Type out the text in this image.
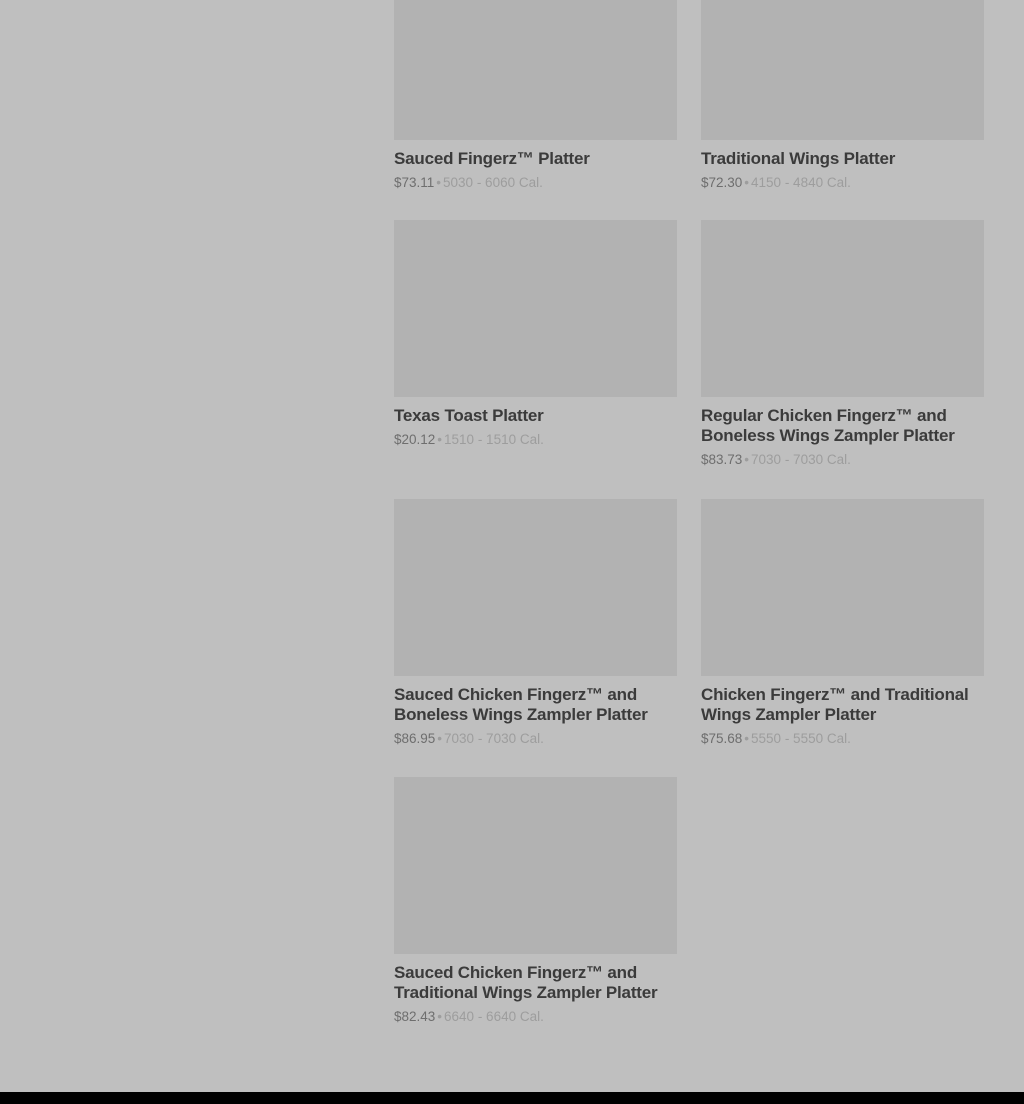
Sauced Fingerz™ Platter

$73.11 • 5030 - 6060 Cal.

Traditional Wings Platter

$72.30 • 4150 - 4840 Cal.

Texas Toast Platter

$20.12 • 1510 - 1510 Cal.

Regular Chicken Fingerz™ and Boneless Wings Zampler Platter

$83.73 • 7030 - 7030 Cal.

Sauced Chicken Fingerz™ and Boneless Wings Zampler Platter

$86.95 • 7030 - 7030 Cal.

Chicken Fingerz™ and Traditional Wings Zampler Platter

$75.68 • 5550 - 5550 Cal.

Sauced Chicken Fingerz™ and Traditional Wings Zampler Platter

$82.43 • 6640 - 6640 Cal.
